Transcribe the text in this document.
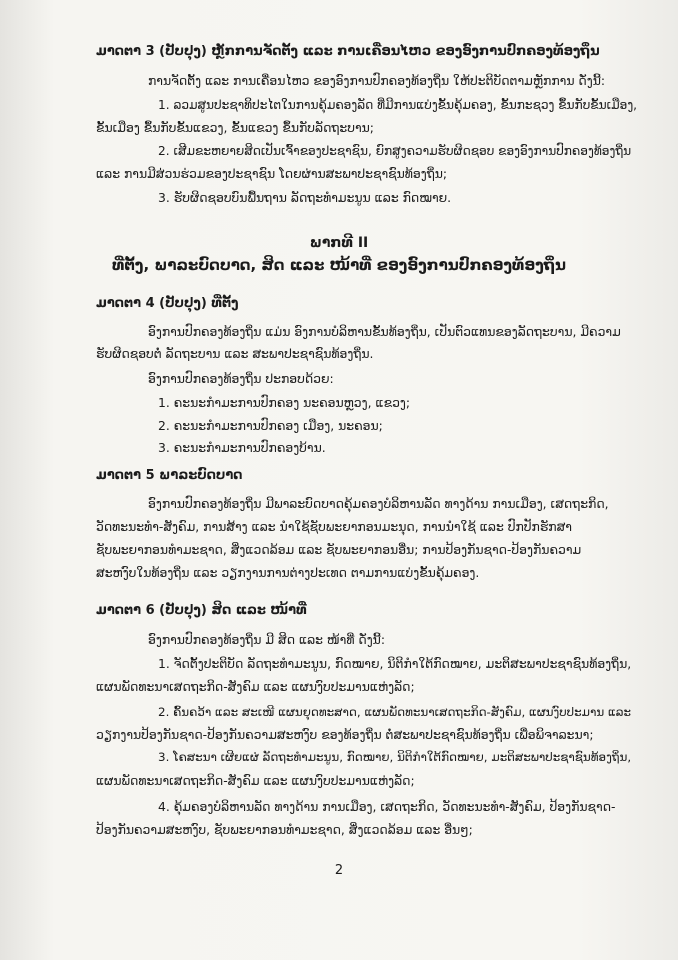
ມາດຕາ 3 (ປັບປຸງ) ຫຼັກການຈັດຕັ້ງ ແລະ ການເຄື່ອນໄຫວ ຂອງອົງການປົກຄອງທ້ອງຖິ່ນ
ການຈັດຕັ້ງ ແລະ ການເຄື່ອນໄຫວ ຂອງອົງການປົກຄອງທ້ອງຖິ່ນ ໃຫ້ປະຕິບັດຕາມຫຼັກການ ດັ່ງນີ້:
1. ລວມສູນປະຊາທິປະໄຕໃນການຄຸ້ມຄອງລັດ ທີ່ມີການແບ່ງຂັ້ນຄຸ້ມຄອງ, ຂັ້ນກະຊວງ ຂຶ້ນກັບຂັ້ນເມືອງ,
ຂັ້ນເມືອງ ຂຶ້ນກັບຂັ້ນແຂວງ, ຂັ້ນແຂວງ ຂຶ້ນກັບລັດຖະບານ;
2. ເສີມຂະຫຍາຍສິດເປັນເຈົ້າຂອງປະຊາຊົນ, ຍົກສູງຄວາມຮັບຜິດຊອບ ຂອງອົງການປົກຄອງທ້ອງຖິ່ນ
ແລະ ການມີສ່ວນຮ່ວມຂອງປະຊາຊົນ ໂດຍຜ່ານສະພາປະຊາຊົນທ້ອງຖິ່ນ;
3. ຮັບຜິດຊອບບົນພື້ນຖານ ລັດຖະທໍາມະນູນ ແລະ ກົດໝາຍ.
ພາກທີ II
ທີ່ຕັ້ງ, ພາລະບົດບາດ, ສິດ ແລະ ໜ້າທີ່ ຂອງອົງການປົກຄອງທ້ອງຖິ່ນ
ມາດຕາ 4 (ປັບປຸງ) ທີ່ຕັ້ງ
ອົງການປົກຄອງທ້ອງຖິ່ນ ແມ່ນ ອົງການບໍລິຫານຂັ້ນທ້ອງຖິ່ນ, ເປັນຕົວແທນຂອງລັດຖະບານ, ມີຄວາມ
ຮັບຜິດຊອບຕໍ່ ລັດຖະບານ ແລະ ສະພາປະຊາຊົນທ້ອງຖິ່ນ.
ອົງການປົກຄອງທ້ອງຖິ່ນ ປະກອບດ້ວຍ:
1. ຄະນະກໍາມະການປົກຄອງ ນະຄອນຫຼວງ, ແຂວງ;
2. ຄະນະກໍາມະການປົກຄອງ ເມືອງ, ນະຄອນ;
3. ຄະນະກໍາມະການປົກຄອງບ້ານ.
ມາດຕາ 5 ພາລະບົດບາດ
ອົງການປົກຄອງທ້ອງຖິ່ນ ມີພາລະບົດບາດຄຸ້ມຄອງບໍລິຫານລັດ ທາງດ້ານ ການເມືອງ, ເສດຖະກິດ,
ວັດທະນະທໍາ-ສັງຄົມ, ການສ້າງ ແລະ ນໍາໃຊ້ຊັບພະຍາກອນມະນຸດ, ການນໍາໃຊ້ ແລະ ປົກປັກຮັກສາ
ຊັບພະຍາກອນທໍາມະຊາດ, ສິ່ງແວດລ້ອມ ແລະ ຊັບພະຍາກອນອື່ນ; ການປ້ອງກັນຊາດ-ປ້ອງກັນຄວາມ
ສະຫງົບໃນທ້ອງຖິ່ນ ແລະ ວຽກງານການຕ່າງປະເທດ ຕາມການແບ່ງຂັ້ນຄຸ້ມຄອງ.
ມາດຕາ 6 (ປັບປຸງ) ສິດ ແລະ ໜ້າທີ່
ອົງການປົກຄອງທ້ອງຖິ່ນ ມີ ສິດ ແລະ ໜ້າທີ່ ດັ່ງນີ້:
1. ຈັດຕັ້ງປະຕິບັດ ລັດຖະທໍາມະນູນ, ກົດໝາຍ, ນິຕິກໍາໃຕ້ກົດໝາຍ, ມະຕິສະພາປະຊາຊົນທ້ອງຖິ່ນ,
ແຜນພັດທະນາເສດຖະກິດ-ສັງຄົມ ແລະ ແຜນງົບປະມານແຫ່ງລັດ;
2. ຄົ້ນຄວ້າ ແລະ ສະເໜີ ແຜນຍຸດທະສາດ, ແຜນພັດທະນາເສດຖະກິດ-ສັງຄົມ, ແຜນງົບປະມານ ແລະ
ວຽກງານປ້ອງກັນຊາດ-ປ້ອງກັນຄວາມສະຫງົບ ຂອງທ້ອງຖິ່ນ ຕໍ່ສະພາປະຊາຊົນທ້ອງຖິ່ນ ເພື່ອພິຈາລະນາ;
3. ໂຄສະນາ ເຜີຍແຜ່ ລັດຖະທໍາມະນູນ, ກົດໝາຍ, ນິຕິກໍາໃຕ້ກົດໝາຍ, ມະຕິສະພາປະຊາຊົນທ້ອງຖິ່ນ,
ແຜນພັດທະນາເສດຖະກິດ-ສັງຄົມ ແລະ ແຜນງົບປະມານແຫ່ງລັດ;
4. ຄຸ້ມຄອງບໍລິຫານລັດ ທາງດ້ານ ການເມືອງ, ເສດຖະກິດ, ວັດທະນະທໍາ-ສັງຄົມ, ປ້ອງກັນຊາດ-
ປ້ອງກັນຄວາມສະຫງົບ, ຊັບພະຍາກອນທໍາມະຊາດ, ສິ່ງແວດລ້ອມ ແລະ ອື່ນໆ;
2
